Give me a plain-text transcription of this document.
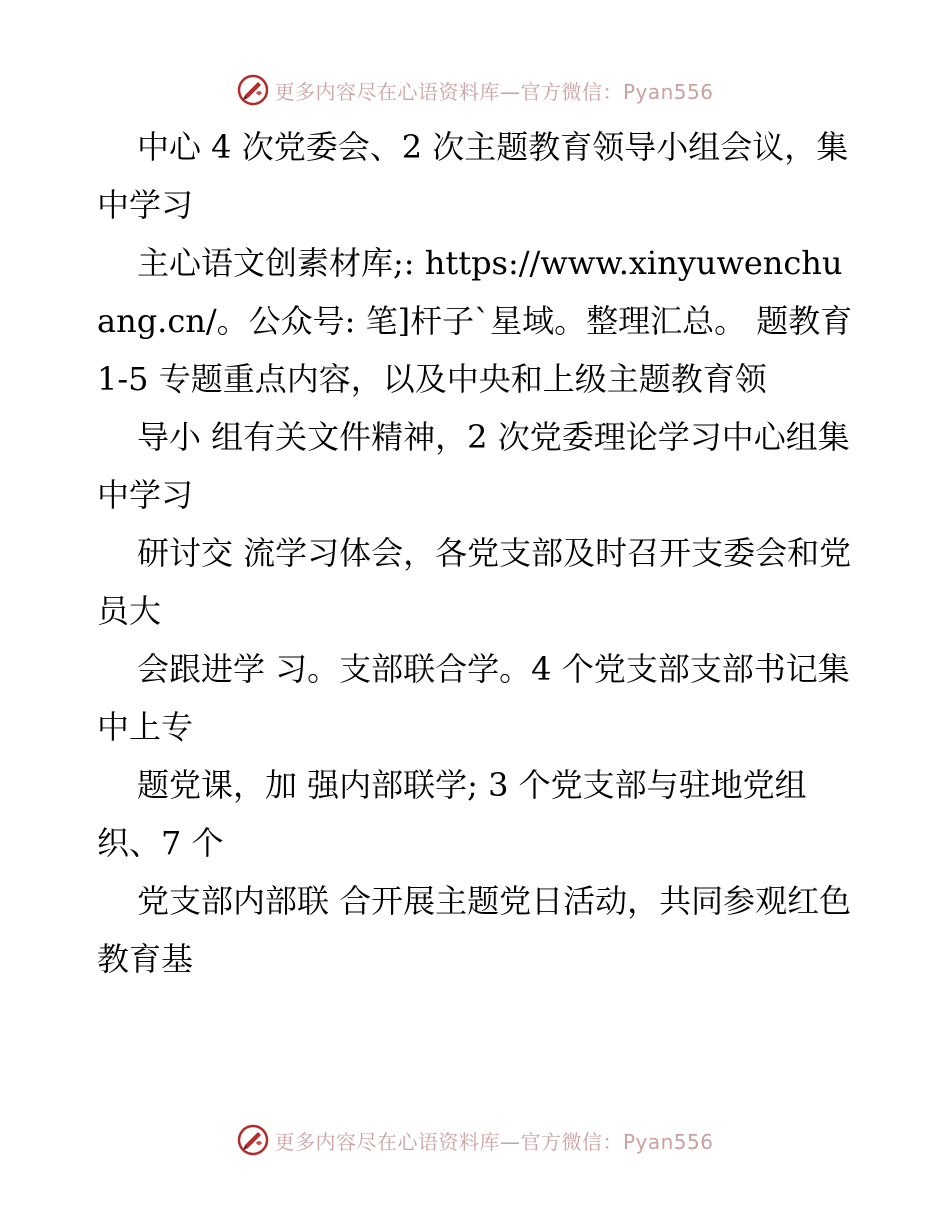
更多内容尽在心语资料库—官方微信：Pyan556

中心 4 次党委会、2 次主题教育领导小组会议，集中学习

主心语文创素材库;: https://www.xinyuwenchuang.cn/。公众号: 笔]杆子`星域。整理汇总。 题教育 1-5 专题重点内容，以及中央和上级主题教育领

导小 组有关文件精神，2 次党委理论学习中心组集中学习

研讨交 流学习体会，各党支部及时召开支委会和党员大

会跟进学 习。支部联合学。4 个党支部支部书记集中上专

题党课，加 强内部联学; 3 个党支部与驻地党组织、7 个

党支部内部联 合开展主题党日活动，共同参观红色教育基

更多内容尽在心语资料库—官方微信：Pyan556
